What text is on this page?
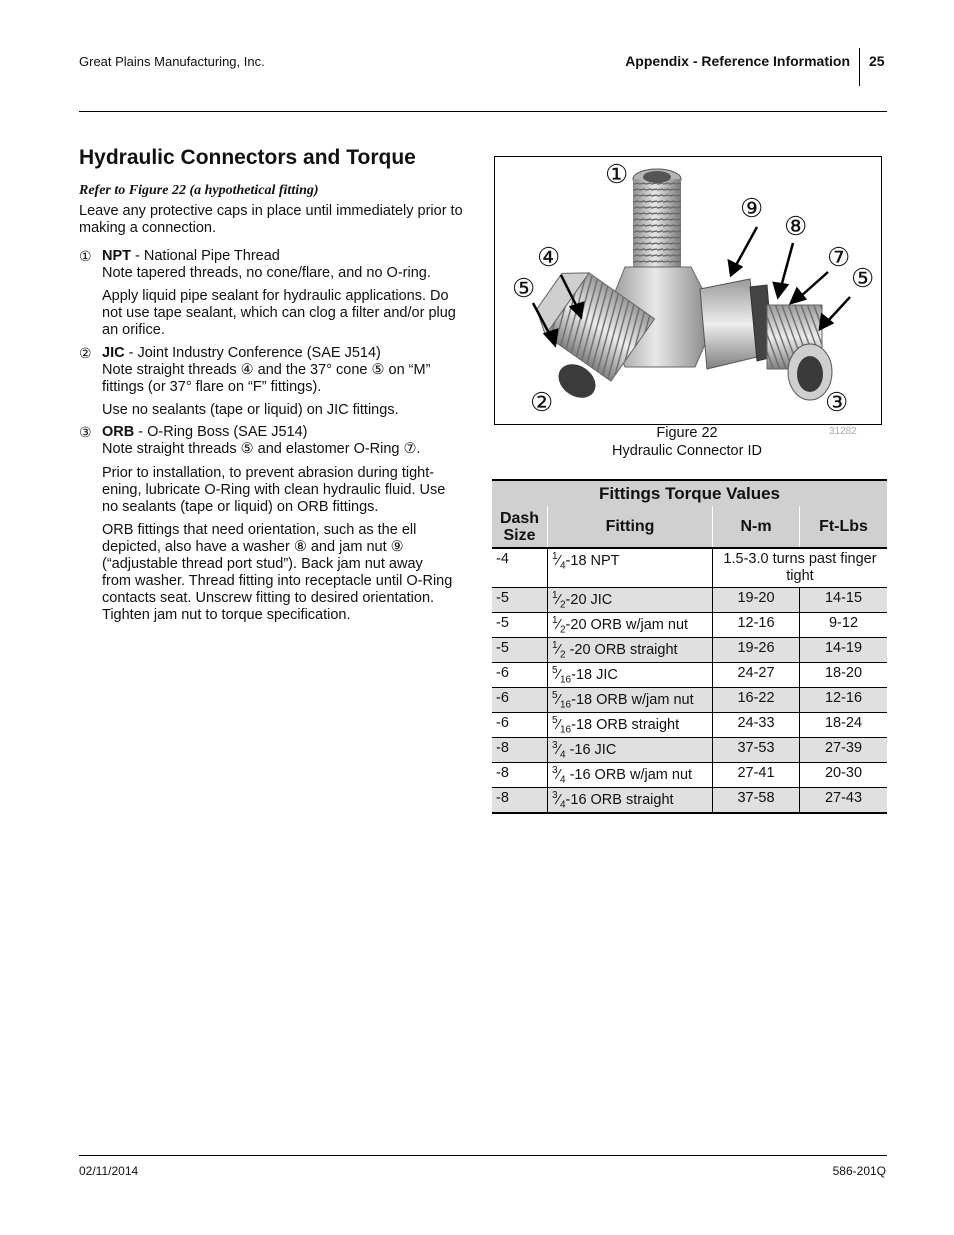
Great Plains Manufacturing, Inc.	Appendix - Reference Information 25
Hydraulic Connectors and Torque
Refer to Figure 22 (a hypothetical fitting)
Leave any protective caps in place until immediately prior to making a connection.
① NPT - National Pipe Thread
Note tapered threads, no cone/flare, and no O-ring.
Apply liquid pipe sealant for hydraulic applications. Do not use tape sealant, which can clog a filter and/or plug an orifice.
② JIC - Joint Industry Conference (SAE J514)
Note straight threads ④ and the 37° cone ⑤ on “M” fittings (or 37° flare on “F” fittings).
Use no sealants (tape or liquid) on JIC fittings.
③ ORB - O-Ring Boss (SAE J514)
Note straight threads ⑤ and elastomer O-Ring ⑦.
Prior to installation, to prevent abrasion during tight-ening, lubricate O-Ring with clean hydraulic fluid. Use no sealants (tape or liquid) on ORB fittings.
ORB fittings that need orientation, such as the ell depicted, also have a washer ⑧ and jam nut ⑨ (“adjustable thread port stud”). Back jam nut away from washer. Thread fitting into receptacle until O-Ring contacts seat. Unscrew fitting to desired orientation. Tighten jam nut to torque specification.
①
⑨
⑧
④	⑦
⑤	⑤
②	③
Figure 22
Hydraulic Connector ID
31282
Fittings Torque Values			
Dash Size	Fitting	N-m	Ft-Lbs
-4	$^1⁄_4-18$ NPT	1.5-3.0 turns past finger tight	
-5	$^1⁄_2-20$ JIC	19-20	14-15
-5	$^1⁄_2-20$ ORB w/jam nut	12-16	9-12
-5	$^1⁄_2$ -20 ORB straight	19-26	14-19
-6	$^5⁄_{16}-18$ JIC	24-27	18-20
-6	$^5⁄_{16}-18$ ORB w/jam nut	16-22	12-16
-6	$^5⁄_{16}-18$ ORB straight	24-33	18-24
-8	$^3⁄_4$ -16 JIC	37-53	27-39
-8	$^3⁄_4$ -16 ORB w/jam nut	27-41	20-30
-8	$^3⁄_4-16$ ORB straight	37-58	27-43
02/11/2014	586-201Q
